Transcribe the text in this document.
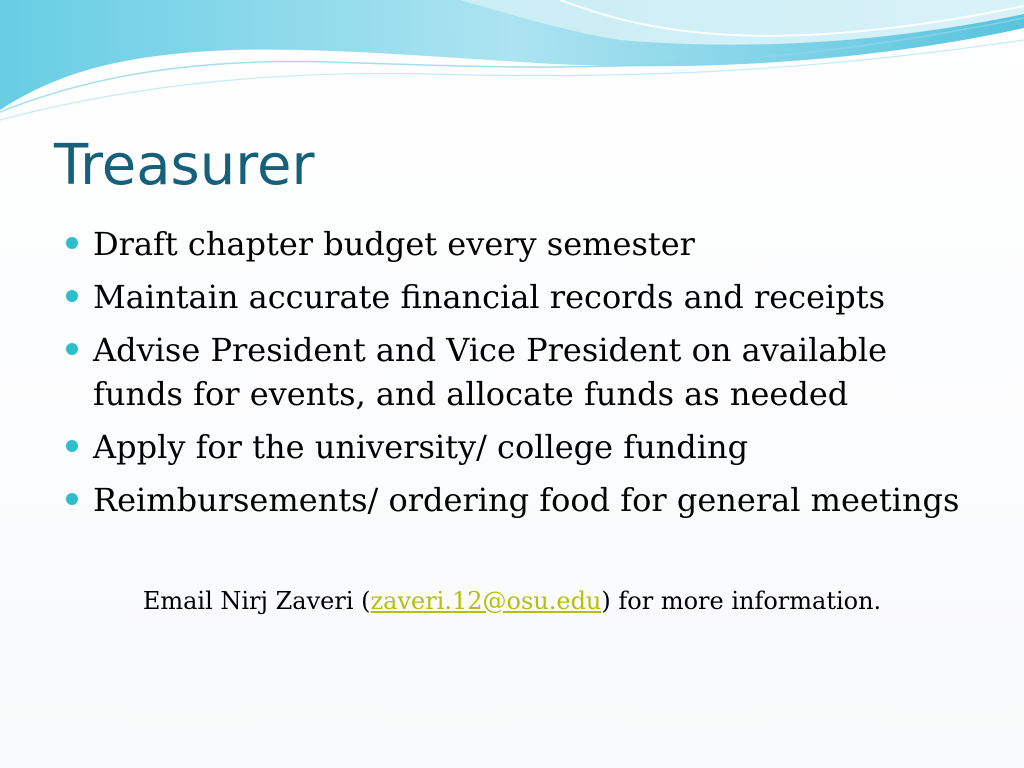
Treasurer
Draft chapter budget every semester
Maintain accurate financial records and receipts
Advise President and Vice President on available funds for events, and allocate funds as needed
Apply for the university/ college funding
Reimbursements/ ordering food for general meetings

Email Nirj Zaveri (zaveri.12@osu.edu) for more information.
